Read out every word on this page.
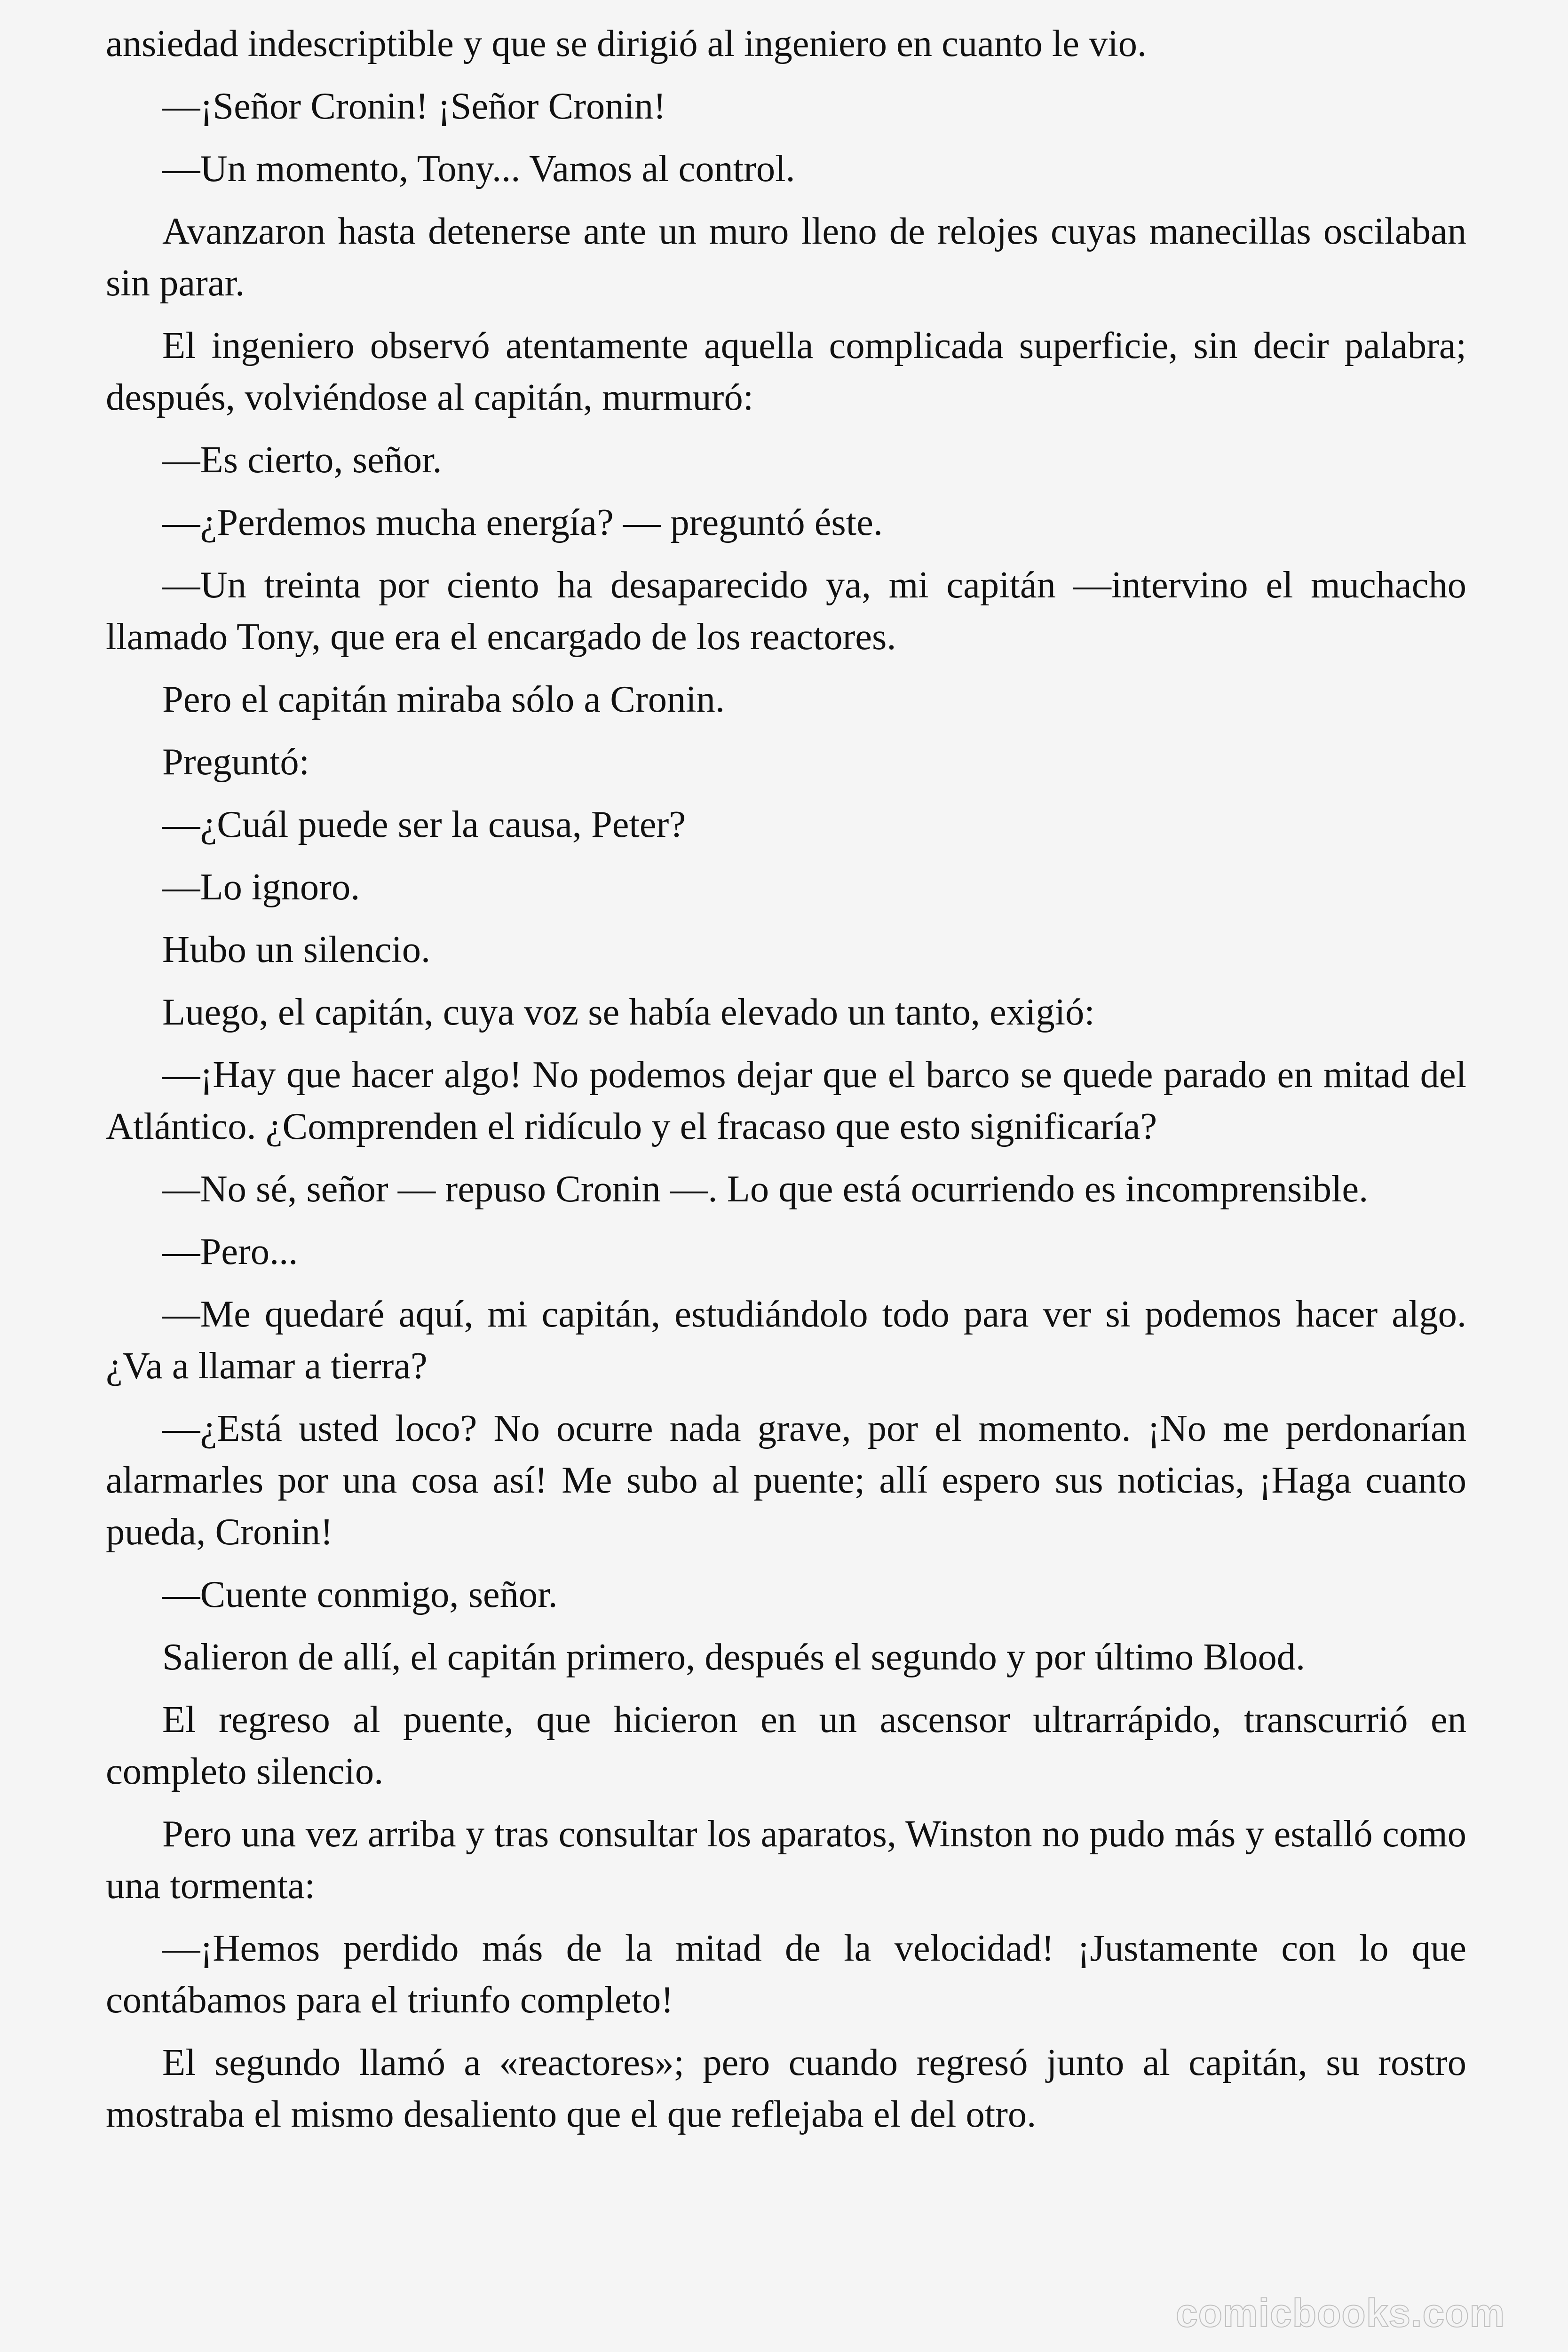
ansiedad indescriptible y que se dirigió al ingeniero en cuanto le vio.

—¡Señor Cronin! ¡Señor Cronin!

—Un momento, Tony... Vamos al control.

Avanzaron hasta detenerse ante un muro lleno de relojes cuyas manecillas oscilaban sin parar.

El ingeniero observó atentamente aquella complicada superficie, sin decir palabra; después, volviéndose al capitán, murmuró:

—Es cierto, señor.

—¿Perdemos mucha energía? — preguntó éste.

—Un treinta por ciento ha desaparecido ya, mi capitán —intervino el muchacho llamado Tony, que era el encargado de los reactores.

Pero el capitán miraba sólo a Cronin.

Preguntó:

—¿Cuál puede ser la causa, Peter?

—Lo ignoro.

Hubo un silencio.

Luego, el capitán, cuya voz se había elevado un tanto, exigió:

—¡Hay que hacer algo! No podemos dejar que el barco se quede parado en mitad del Atlántico. ¿Comprenden el ridículo y el fracaso que esto significaría?

—No sé, señor — repuso Cronin —. Lo que está ocurriendo es incomprensible.

—Pero...

—Me quedaré aquí, mi capitán, estudiándolo todo para ver si podemos hacer algo. ¿Va a llamar a tierra?

—¿Está usted loco? No ocurre nada grave, por el momento. ¡No me perdonarían alarmarles por una cosa así! Me subo al puente; allí espero sus noticias, ¡Haga cuanto pueda, Cronin!

—Cuente conmigo, señor.

Salieron de allí, el capitán primero, después el segundo y por último Blood.

El regreso al puente, que hicieron en un ascensor ultrarrápido, transcurrió en completo silencio.

Pero una vez arriba y tras consultar los aparatos, Winston no pudo más y estalló como una tormenta:

—¡Hemos perdido más de la mitad de la velocidad! ¡Justamente con lo que contábamos para el triunfo completo!

El segundo llamó a «reactores»; pero cuando regresó junto al capitán, su rostro mostraba el mismo desaliento que el que reflejaba el del otro.

comicbooks.com
